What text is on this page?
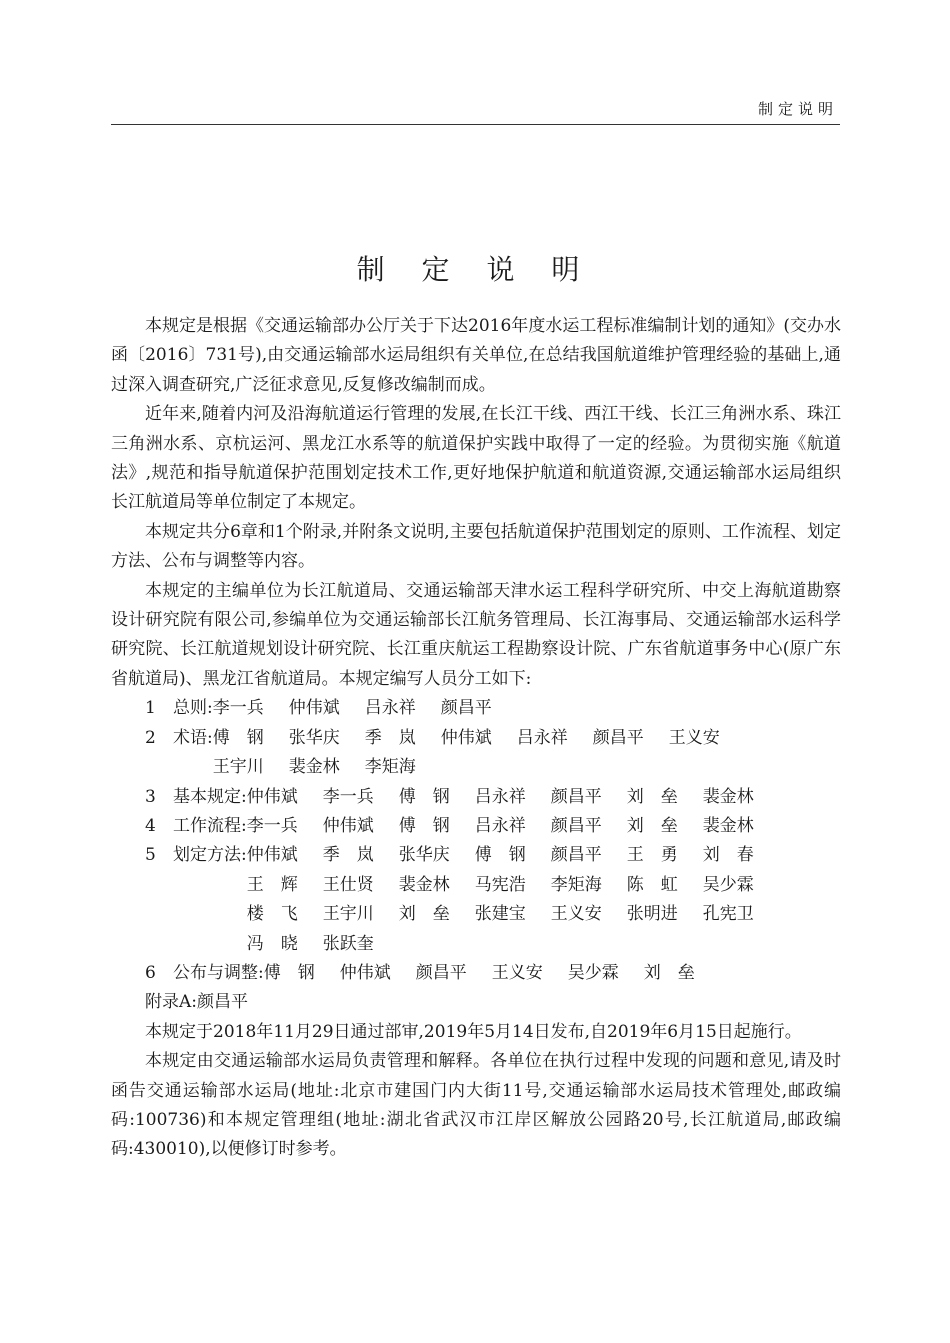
制定说明
制 定 说 明

本规定是根据《交通运输部办公厅关于下达2016年度水运工程标准编制计划的通知》(交办水函〔2016〕731号),由交通运输部水运局组织有关单位,在总结我国航道维护管理经验的基础上,通过深入调查研究,广泛征求意见,反复修改编制而成。

近年来,随着内河及沿海航道运行管理的发展,在长江干线、西江干线、长江三角洲水系、珠江三角洲水系、京杭运河、黑龙江水系等的航道保护实践中取得了一定的经验。为贯彻实施《航道法》,规范和指导航道保护范围划定技术工作,更好地保护航道和航道资源,交通运输部水运局组织长江航道局等单位制定了本规定。

本规定共分6章和1个附录,并附条文说明,主要包括航道保护范围划定的原则、工作流程、划定方法、公布与调整等内容。

本规定的主编单位为长江航道局、交通运输部天津水运工程科学研究所、中交上海航道勘察设计研究院有限公司,参编单位为交通运输部长江航务管理局、长江海事局、交通运输部水运科学研究院、长江航道规划设计研究院、长江重庆航运工程勘察设计院、广东省航道事务中心(原广东省航道局)、黑龙江省航道局。本规定编写人员分工如下:

1	总则: 李一兵	仲伟斌	吕永祥	颜昌平
2	术语: 傅　钢	张华庆	季　岚	仲伟斌	吕永祥	颜昌平	王义安
王宇川	裴金林	李矩海
3	基本规定: 仲伟斌	李一兵	傅　钢	吕永祥	颜昌平	刘　垒	裴金林
4	工作流程: 李一兵	仲伟斌	傅　钢	吕永祥	颜昌平	刘　垒	裴金林
5	划定方法: 仲伟斌	季　岚	张华庆	傅　钢	颜昌平	王　勇	刘　春
王　辉	王仕贤	裴金林	马宪浩	李矩海	陈　虹	吴少霖
楼　飞	王宇川	刘　垒	张建宝	王义安	张明进	孔宪卫
冯　晓	张跃奎
6	公布与调整: 傅　钢	仲伟斌	颜昌平	王义安	吴少霖	刘　垒
附录A:颜昌平

本规定于2018年11月29日通过部审,2019年5月14日发布,自2019年6月15日起施行。

本规定由交通运输部水运局负责管理和解释。各单位在执行过程中发现的问题和意见,请及时函告交通运输部水运局(地址:北京市建国门内大街11号,交通运输部水运局技术管理处,邮政编码:100736)和本规定管理组(地址:湖北省武汉市江岸区解放公园路20号,长江航道局,邮政编码:430010),以便修订时参考。
